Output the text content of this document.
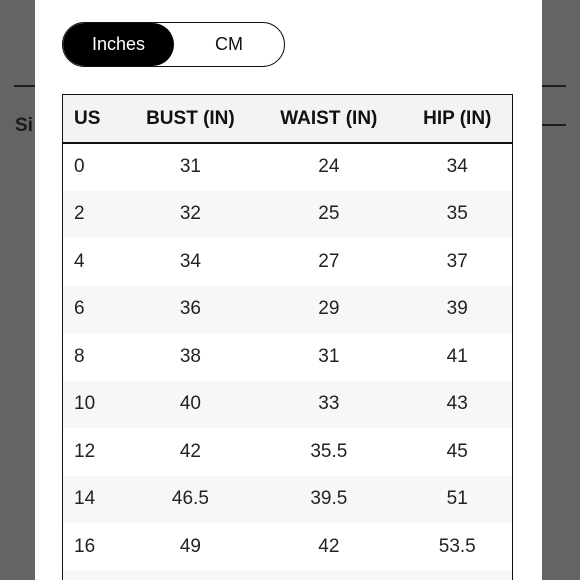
Si
Inches	CM
US	BUST (IN)	WAIST (IN)	HIP (IN)
0	31	24	34
2	32	25	35
4	34	27	37
6	36	29	39
8	38	31	41
10	40	33	43
12	42	35.5	45
14	46.5	39.5	51
16	49	42	53.5
